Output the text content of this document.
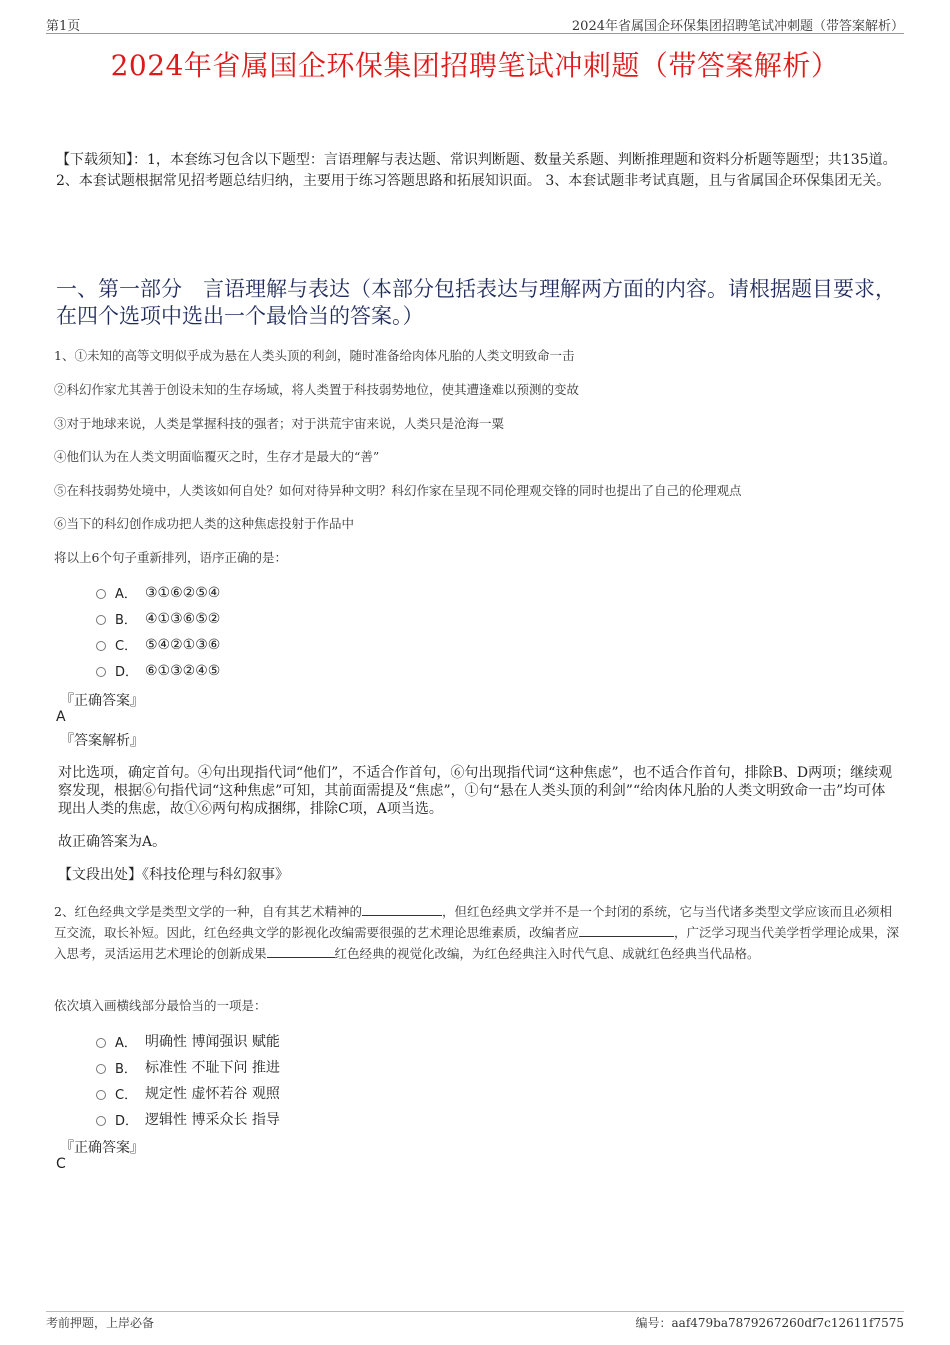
第1页	2024年省属国企环保集团招聘笔试冲刺题（带答案解析）
2024年省属国企环保集团招聘笔试冲刺题（带答案解析）
【下载须知】：1，本套练习包含以下题型：言语理解与表达题、常识判断题、数量关系题、判断推理题和资料分析题等题型；共135道。 2、本套试题根据常见招考题总结归纳，主要用于练习答题思路和拓展知识面。 3、本套试题非考试真题，且与省属国企环保集团无关。
一、第一部分　言语理解与表达（本部分包括表达与理解两方面的内容。请根据题目要求，在四个选项中选出一个最恰当的答案。）
1、①未知的高等文明似乎成为悬在人类头顶的利剑，随时准备给肉体凡胎的人类文明致命一击
②科幻作家尤其善于创设未知的生存场域，将人类置于科技弱势地位，使其遭逢难以预测的变故
③对于地球来说，人类是掌握科技的强者；对于洪荒宇宙来说，人类只是沧海一粟
④他们认为在人类文明面临覆灭之时，生存才是最大的“善”
⑤在科技弱势处境中，人类该如何自处？如何对待异种文明？科幻作家在呈现不同伦理观交锋的同时也提出了自己的伦理观点
⑥当下的科幻创作成功把人类的这种焦虑投射于作品中
将以上6个句子重新排列，语序正确的是：
A． ③①⑥②⑤④
B． ④①③⑥⑤②
C． ⑤④②①③⑥
D． ⑥①③②④⑤
『正确答案』
A
『答案解析』
对比选项，确定首句。④句出现指代词“他们”，不适合作首句，⑥句出现指代词“这种焦虑”，也不适合作首句，排除B、D两项；继续观察发现，根据⑥句指代词“这种焦虑”可知，其前面需提及“焦虑”，①句“悬在人类头顶的利剑”“给肉体凡胎的人类文明致命一击”均可体现出人类的焦虑，故①⑥两句构成捆绑，排除C项，A项当选。
故正确答案为A。
【文段出处】《科技伦理与科幻叙事》
2、红色经典文学是类型文学的一种，自有其艺术精神的	，但红色经典文学并不是一个封闭的系统，它与当代诸多类型文学应该而且必须相互交流，取长补短。因此，红色经典文学的影视化改编需要很强的艺术理论思维素质，改编者应	，广泛学习现当代美学哲学理论成果，深入思考，灵活运用艺术理论的创新成果	红色经典的视觉化改编，为红色经典注入时代气息、成就红色经典当代品格。
依次填入画横线部分最恰当的一项是：
A． 明确性 博闻强识 赋能
B． 标准性 不耻下问 推进
C． 规定性 虚怀若谷 观照
D． 逻辑性 博采众长 指导
『正确答案』
C
考前押题，上岸必备	编号：aaf479ba7879267260df7c12611f7575
